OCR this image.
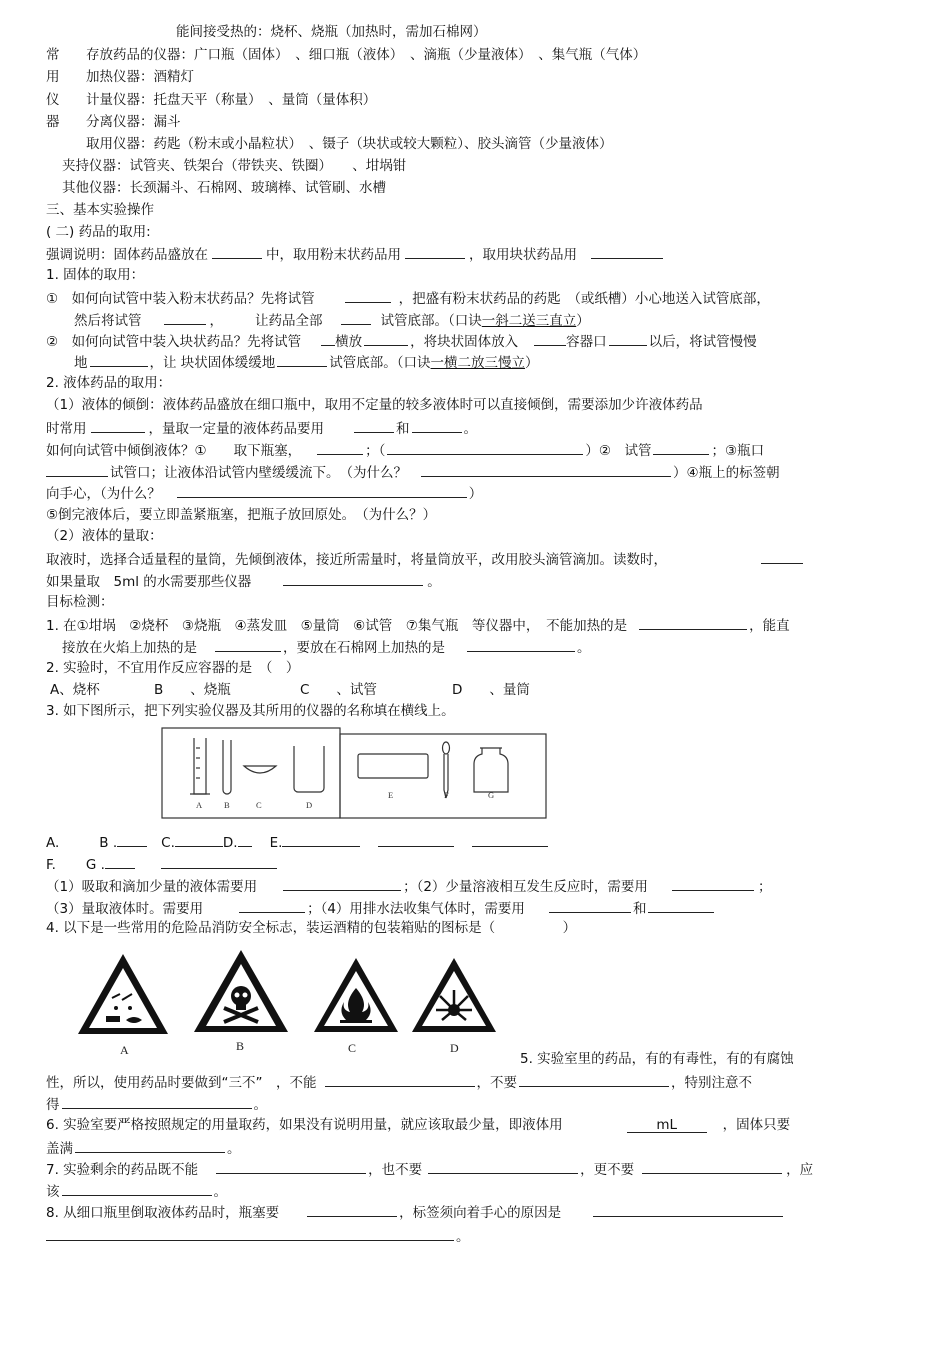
能间接受热的：烧杯、烧瓶（加热时，需加石棉网）
常
用
仪
器
存放药品的仪器：广口瓶（固体）　、细口瓶（液体）　、滴瓶（少量液体）　、集气瓶（气体）
加热仪器：酒精灯
计量仪器：托盘天平（称量）　、量筒（量体积）
分离仪器：漏斗
取用仪器：药匙（粉末或小晶粒状）　、镊子（块状或较大颗粒）、胶头滴管（少量液体）
夹持仪器：试管夹、铁架台（带铁夹、铁圈）　　、坩埚钳
其他仪器：长颈漏斗、石棉网、玻璃棒、试管刷、水槽
三、基本实验操作
( 二) 药品的取用:
强调说明：固体药品盛放在	中，取用粉末状药品用	，取用块状药品用
1. 固体的取用：
①　 如何向试管中装入粉末状药品？先将试管	，把盛有粉末状药品的药匙　（或纸槽）小心地送入试管底部，
然后将试管	， 让药品全部	试管底部。（口诀一斜二送三直立）
②　 如何向试管中装入块状药品？先将试管	横放	，将块状固体放入	容器口	以后，将试管慢慢
地	，让 块状固体缓缓地	试管底部。（口诀一横二放三慢立）
2. 液体药品的取用：
（1）液体的倾倒：液体药品盛放在细口瓶中，取用不定量的较多液体时可以直接倾倒，需要添加少许液体药品
时常用	，量取一定量的液体药品要用	和	。
如何向试管中倾倒液体？①　　取下瓶塞，	；（	）②　试管	；③瓶口
试管口；让液体沿试管内壁缓缓流下。　（为什么？	）④瓶上的标签朝
向手心，（为什么？	）
⑤倒完液体后，要立即盖紧瓶塞，把瓶子放回原处。　（为什么？）
（2）液体的量取：
取液时，选择合适量程的量筒，先倾倒液体，接近所需量时，将量筒放平，改用胶头滴管滴加。读数时，
如果量取　5ml 的水需要那些仪器	。
目标检测：
1. 在①坩埚　②烧杯　③烧瓶　④蒸发皿　⑤量筒　⑥试管　⑦集气瓶　等仪器中，　不能加热的是	，能直
接放在火焰上加热的是	，要放在石棉网上加热的是	。
2. 实验时，不宜用作反应容器的是　（　）
A、烧杯	B　　、烧瓶	C　　、试管	D　　、量筒
3. 如下图所示，把下列实验仪器及其所用的仪器的名称填在横线上。
A	B	C	D
E	F	G
A.	B .	C.	D. E.
F. G .
（1）吸取和滴加少量的液体需要用	；（2）少量溶液相互发生反应时，需要用	；
（3）量取液体时。需要用	；（4）用排水法收集气体时，需要用	和
4. 以下是一些常用的危险品消防安全标志，装运酒精的包装箱贴的图标是（　　　　　）
A	B	C	D
5. 实验室里的药品，有的有毒性，有的有腐蚀
性，所以，使用药品时要做到“三不”　，不能	，不要	，特别注意不
得	。
6. 实验室要严格按照规定的用量取药，如果没有说明用量，就应该取最少量，即液体用	mL	，固体只要
盖满	。
7. 实验剩余的药品既不能	，也不要	，更不要	，应
该	。
8. 从细口瓶里倒取液体药品时，瓶塞要	，标签须向着手心的原因是
。
